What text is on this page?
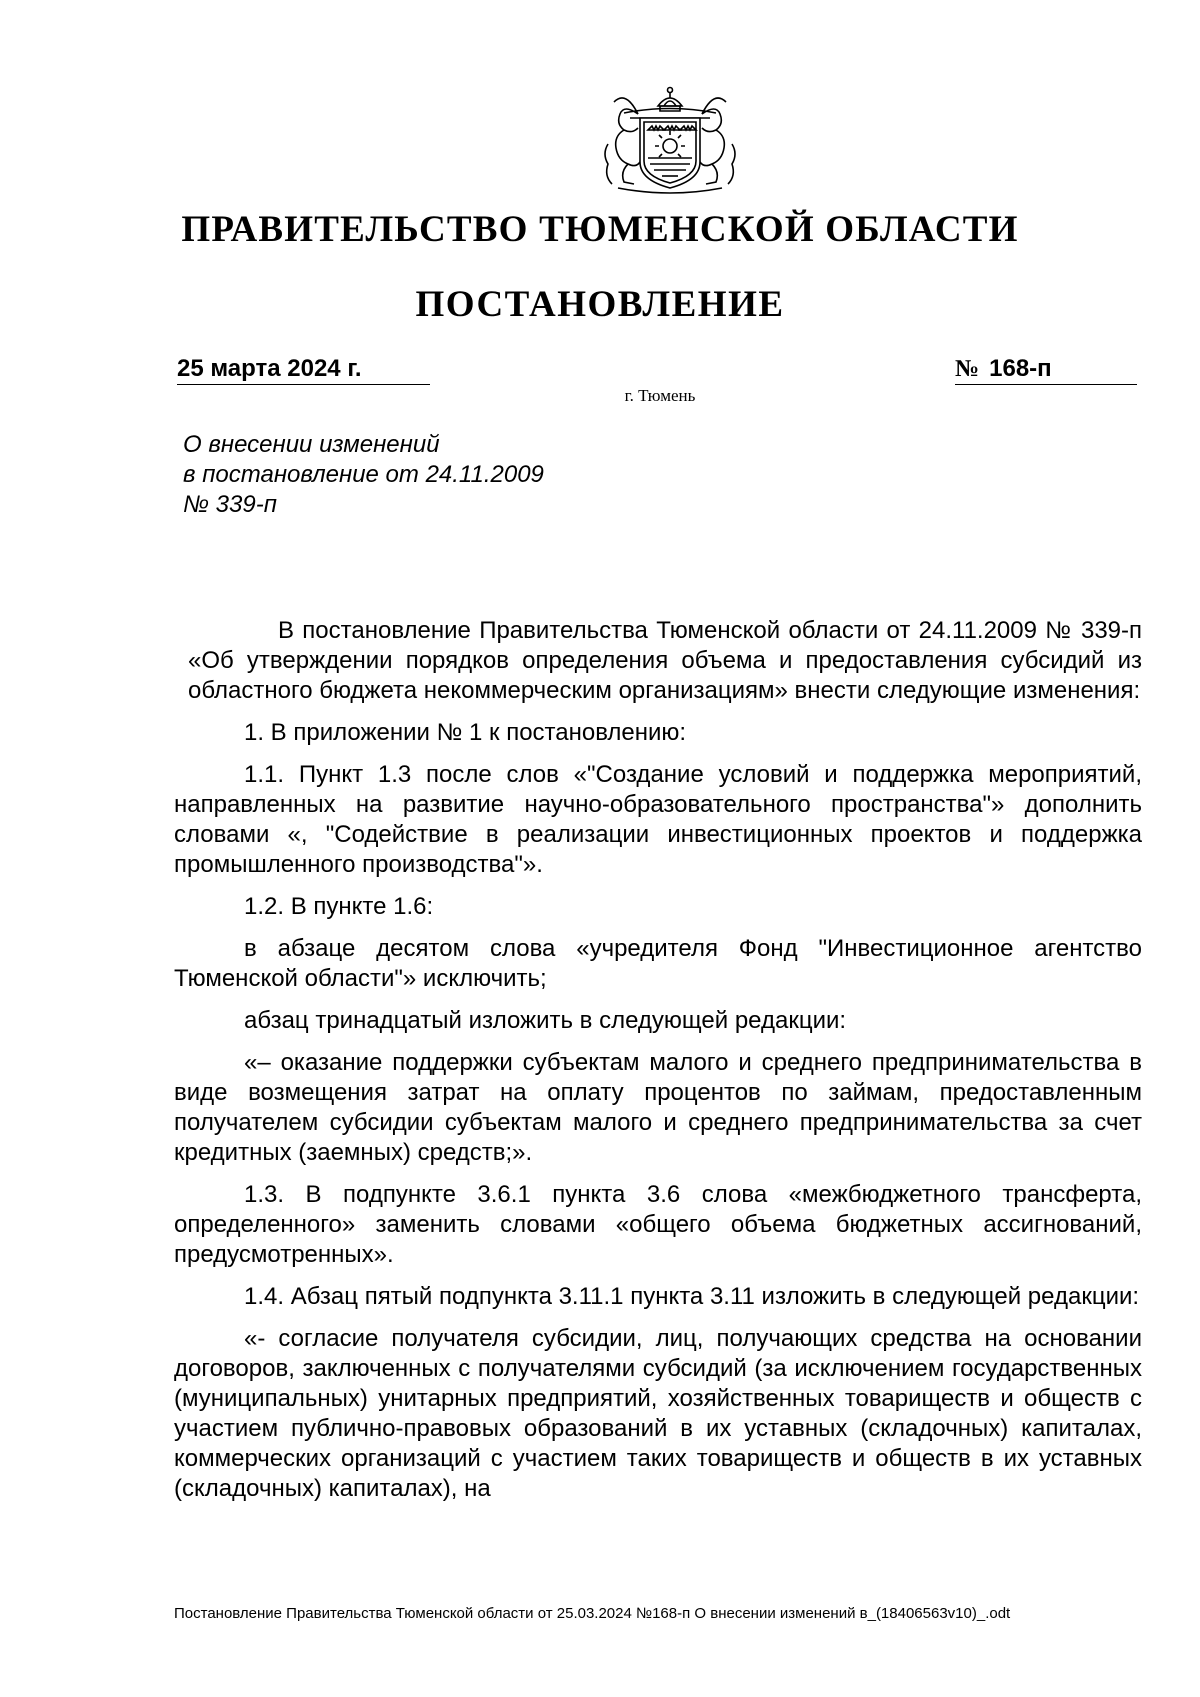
ПРАВИТЕЛЬСТВО ТЮМЕНСКОЙ ОБЛАСТИ
ПОСТАНОВЛЕНИЕ
25 марта 2024 г.	№ 168-п
г. Тюмень
О внесении изменений
в постановление от 24.11.2009
№ 339-п

В постановление Правительства Тюменской области от 24.11.2009 № 339-п «Об утверждении порядков определения объема и предоставления субсидий из областного бюджета некоммерческим организациям» внести следующие изменения:

1. В приложении № 1 к постановлению:

1.1. Пункт 1.3 после слов «"Создание условий и поддержка мероприятий, направленных на развитие научно-образовательного пространства"» дополнить словами «, "Содействие в реализации инвестиционных проектов и поддержка промышленного производства"».

1.2. В пункте 1.6:

в абзаце десятом слова «учредителя Фонд "Инвестиционное агентство Тюменской области"» исключить;

абзац тринадцатый изложить в следующей редакции:

«– оказание поддержки субъектам малого и среднего предпринимательства в виде возмещения затрат на оплату процентов по займам, предоставленным получателем субсидии субъектам малого и среднего предпринимательства за счет кредитных (заемных) средств;».

1.3. В подпункте 3.6.1 пункта 3.6 слова «межбюджетного трансферта, определенного» заменить словами «общего объема бюджетных ассигнований, предусмотренных».

1.4. Абзац пятый подпункта 3.11.1 пункта 3.11 изложить в следующей редакции:

«- согласие получателя субсидии, лиц, получающих средства на основании договоров, заключенных с получателями субсидий (за исключением государственных (муниципальных) унитарных предприятий, хозяйственных товариществ и обществ с участием публично-правовых образований в их уставных (складочных) капиталах, коммерческих организаций с участием таких товариществ и обществ в их уставных (складочных) капиталах), на

Постановление Правительства Тюменской области от 25.03.2024 №168-п О внесении изменений в_(18406563v10)_.odt
